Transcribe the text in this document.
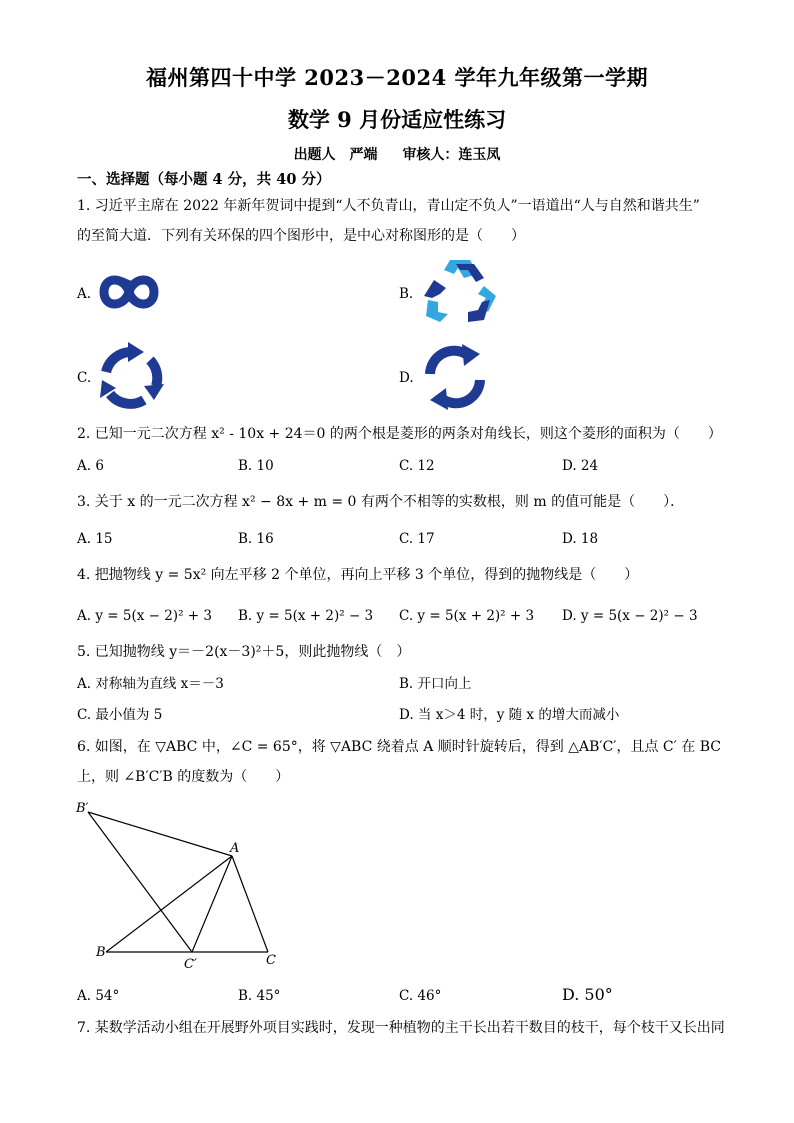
福州第四十中学 2023－2024 学年九年级第一学期
数学 9 月份适应性练习
出题人　严端 审核人：连玉凤
一、选择题（每小题 4 分，共 40 分）
1. 习近平主席在 2022 年新年贺词中提到“人不负青山，青山定不负人”一语道出“人与自然和谐共生”
的至简大道．下列有关环保的四个图形中，是中心对称图形的是（　　）
A.	B.
C.	D.
2. 已知一元二次方程 x² - 10x + 24＝0 的两个根是菱形的两条对角线长，则这个菱形的面积为（　　）
A. 6	B. 10	C. 12	D. 24
3. 关于 x 的一元二次方程 x² − 8x + m = 0 有两个不相等的实数根，则 m 的值可能是（　　）．
A. 15	B. 16	C. 17	D. 18
4. 把抛物线 y = 5x² 向左平移 2 个单位，再向上平移 3 个单位，得到的抛物线是（　　）
A. y = 5(x − 2)² + 3 B. y = 5(x + 2)² − 3 C. y = 5(x + 2)² + 3 D. y = 5(x − 2)² − 3
5. 已知抛物线 y＝－2(x－3)²＋5，则此抛物线（　）
A. 对称轴为直线 x＝－3	B. 开口向上
C. 最小值为 5	D. 当 x＞4 时，y 随 x 的增大而减小
6. 如图，在 ▽ABC 中，∠C = 65°，将 ▽ABC 绕着点 A 顺时针旋转后，得到 △AB′C′，且点 C′ 在 BC
上，则 ∠B′C′B 的度数为（　　）
B′
A
B
C′	C
A. 54°	B. 45°	C. 46°	D. 50°
7. 某数学活动小组在开展野外项目实践时，发现一种植物的主干长出若干数目的枝干，每个枝干又长出同
